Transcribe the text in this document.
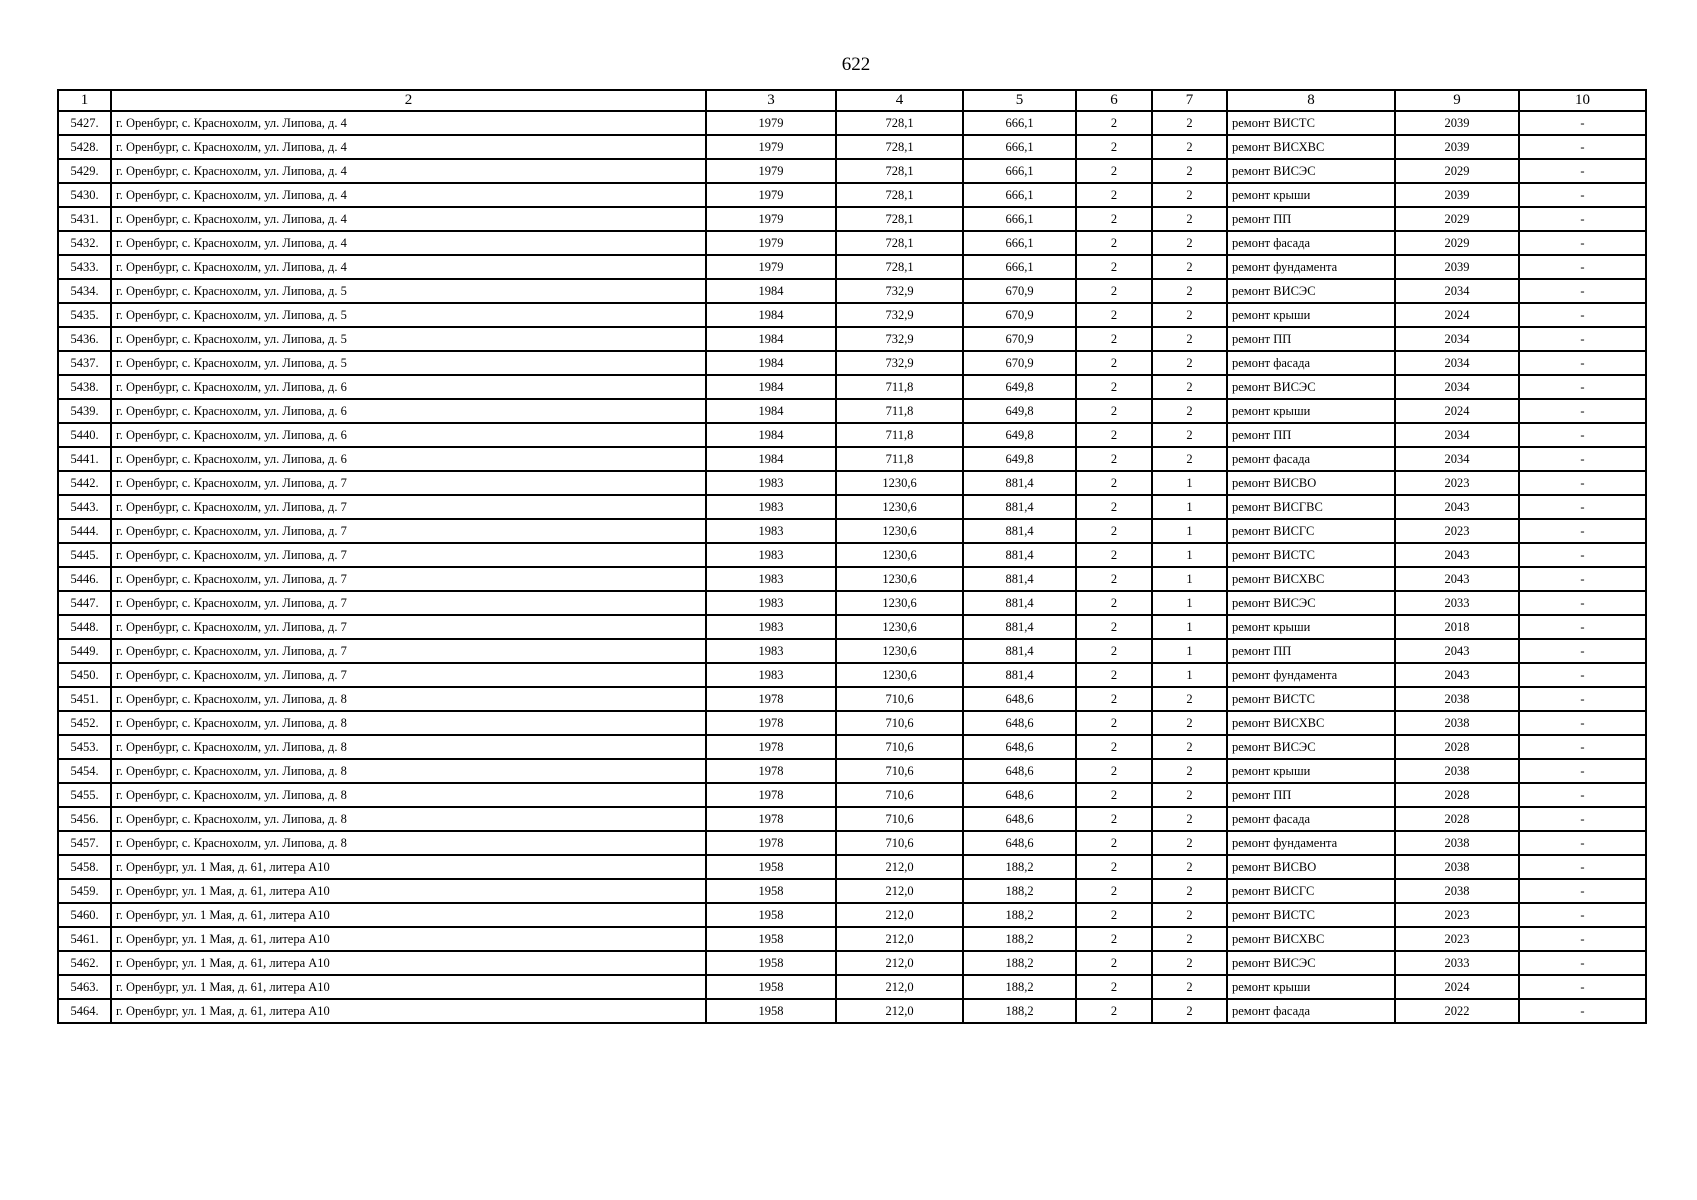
622
1	2	3	4	5	6	7	8	9	10
5427.	г. Оренбург, с. Краснохолм, ул. Липова, д. 4	1979	728,1	666,1	2	2	ремонт ВИСТС	2039	-
5428.	г. Оренбург, с. Краснохолм, ул. Липова, д. 4	1979	728,1	666,1	2	2	ремонт ВИСХВС	2039	-
5429.	г. Оренбург, с. Краснохолм, ул. Липова, д. 4	1979	728,1	666,1	2	2	ремонт ВИСЭС	2029	-
5430.	г. Оренбург, с. Краснохолм, ул. Липова, д. 4	1979	728,1	666,1	2	2	ремонт крыши	2039	-
5431.	г. Оренбург, с. Краснохолм, ул. Липова, д. 4	1979	728,1	666,1	2	2	ремонт ПП	2029	-
5432.	г. Оренбург, с. Краснохолм, ул. Липова, д. 4	1979	728,1	666,1	2	2	ремонт фасада	2029	-
5433.	г. Оренбург, с. Краснохолм, ул. Липова, д. 4	1979	728,1	666,1	2	2	ремонт фундамента	2039	-
5434.	г. Оренбург, с. Краснохолм, ул. Липова, д. 5	1984	732,9	670,9	2	2	ремонт ВИСЭС	2034	-
5435.	г. Оренбург, с. Краснохолм, ул. Липова, д. 5	1984	732,9	670,9	2	2	ремонт крыши	2024	-
5436.	г. Оренбург, с. Краснохолм, ул. Липова, д. 5	1984	732,9	670,9	2	2	ремонт ПП	2034	-
5437.	г. Оренбург, с. Краснохолм, ул. Липова, д. 5	1984	732,9	670,9	2	2	ремонт фасада	2034	-
5438.	г. Оренбург, с. Краснохолм, ул. Липова, д. 6	1984	711,8	649,8	2	2	ремонт ВИСЭС	2034	-
5439.	г. Оренбург, с. Краснохолм, ул. Липова, д. 6	1984	711,8	649,8	2	2	ремонт крыши	2024	-
5440.	г. Оренбург, с. Краснохолм, ул. Липова, д. 6	1984	711,8	649,8	2	2	ремонт ПП	2034	-
5441.	г. Оренбург, с. Краснохолм, ул. Липова, д. 6	1984	711,8	649,8	2	2	ремонт фасада	2034	-
5442.	г. Оренбург, с. Краснохолм, ул. Липова, д. 7	1983	1230,6	881,4	2	1	ремонт ВИСВО	2023	-
5443.	г. Оренбург, с. Краснохолм, ул. Липова, д. 7	1983	1230,6	881,4	2	1	ремонт ВИСГВС	2043	-
5444.	г. Оренбург, с. Краснохолм, ул. Липова, д. 7	1983	1230,6	881,4	2	1	ремонт ВИСГС	2023	-
5445.	г. Оренбург, с. Краснохолм, ул. Липова, д. 7	1983	1230,6	881,4	2	1	ремонт ВИСТС	2043	-
5446.	г. Оренбург, с. Краснохолм, ул. Липова, д. 7	1983	1230,6	881,4	2	1	ремонт ВИСХВС	2043	-
5447.	г. Оренбург, с. Краснохолм, ул. Липова, д. 7	1983	1230,6	881,4	2	1	ремонт ВИСЭС	2033	-
5448.	г. Оренбург, с. Краснохолм, ул. Липова, д. 7	1983	1230,6	881,4	2	1	ремонт крыши	2018	-
5449.	г. Оренбург, с. Краснохолм, ул. Липова, д. 7	1983	1230,6	881,4	2	1	ремонт ПП	2043	-
5450.	г. Оренбург, с. Краснохолм, ул. Липова, д. 7	1983	1230,6	881,4	2	1	ремонт фундамента	2043	-
5451.	г. Оренбург, с. Краснохолм, ул. Липова, д. 8	1978	710,6	648,6	2	2	ремонт ВИСТС	2038	-
5452.	г. Оренбург, с. Краснохолм, ул. Липова, д. 8	1978	710,6	648,6	2	2	ремонт ВИСХВС	2038	-
5453.	г. Оренбург, с. Краснохолм, ул. Липова, д. 8	1978	710,6	648,6	2	2	ремонт ВИСЭС	2028	-
5454.	г. Оренбург, с. Краснохолм, ул. Липова, д. 8	1978	710,6	648,6	2	2	ремонт крыши	2038	-
5455.	г. Оренбург, с. Краснохолм, ул. Липова, д. 8	1978	710,6	648,6	2	2	ремонт ПП	2028	-
5456.	г. Оренбург, с. Краснохолм, ул. Липова, д. 8	1978	710,6	648,6	2	2	ремонт фасада	2028	-
5457.	г. Оренбург, с. Краснохолм, ул. Липова, д. 8	1978	710,6	648,6	2	2	ремонт фундамента	2038	-
5458.	г. Оренбург, ул. 1 Мая, д. 61, литера А10	1958	212,0	188,2	2	2	ремонт ВИСВО	2038	-
5459.	г. Оренбург, ул. 1 Мая, д. 61, литера А10	1958	212,0	188,2	2	2	ремонт ВИСГС	2038	-
5460.	г. Оренбург, ул. 1 Мая, д. 61, литера А10	1958	212,0	188,2	2	2	ремонт ВИСТС	2023	-
5461.	г. Оренбург, ул. 1 Мая, д. 61, литера А10	1958	212,0	188,2	2	2	ремонт ВИСХВС	2023	-
5462.	г. Оренбург, ул. 1 Мая, д. 61, литера А10	1958	212,0	188,2	2	2	ремонт ВИСЭС	2033	-
5463.	г. Оренбург, ул. 1 Мая, д. 61, литера А10	1958	212,0	188,2	2	2	ремонт крыши	2024	-
5464.	г. Оренбург, ул. 1 Мая, д. 61, литера А10	1958	212,0	188,2	2	2	ремонт фасада	2022	-
